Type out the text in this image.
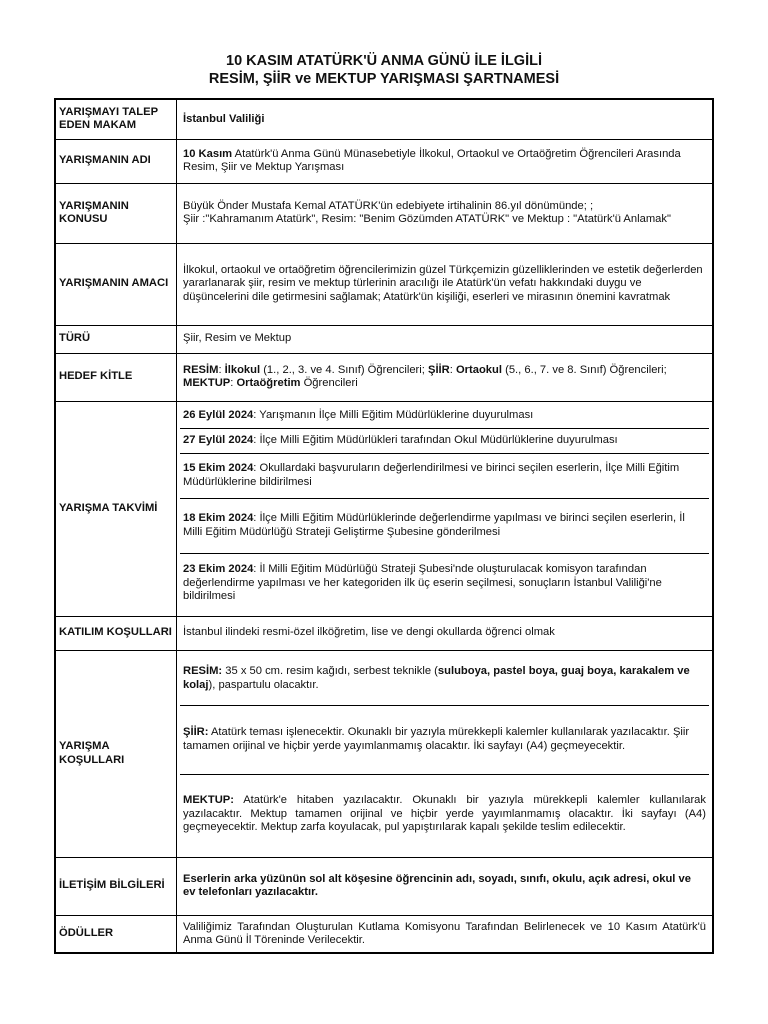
10 KASIM ATATÜRK'Ü ANMA GÜNÜ İLE İLGİLİ
RESİM, ŞİİR ve MEKTUP YARIŞMASI ŞARTNAMESİ
YARIŞMAYI TALEP EDEN MAKAM	İstanbul Valiliği

YARIŞMANIN ADI	10 Kasım Atatürk'ü Anma Günü Münasebetiyle İlkokul, Ortaokul ve Ortaöğretim Öğrencileri Arasında Resim, Şiir ve Mektup Yarışması

YARIŞMANIN KONUSU	Büyük Önder Mustafa Kemal ATATÜRK'ün edebiyete irtihalinin 86.yıl dönümünde; ;
Şiir :"Kahramanım Atatürk", Resim: "Benim Gözümden ATATÜRK" ve Mektup : "Atatürk'ü Anlamak"

YARIŞMANIN AMACI	İlkokul, ortaokul ve ortaöğretim öğrencilerimizin güzel Türkçemizin güzelliklerinden ve estetik değerlerden yararlanarak şiir, resim ve mektup türlerinin aracılığı ile Atatürk'ün vefatı hakkındaki duygu ve düşüncelerini dile getirmesini sağlamak; Atatürk'ün kişiliği, eserleri ve mirasının önemini kavratmak

TÜRÜ	Şiir, Resim ve Mektup

HEDEF KİTLE	RESİM: İlkokul (1., 2., 3. ve 4. Sınıf) Öğrencileri; ŞİİR: Ortaokul (5., 6., 7. ve 8. Sınıf) Öğrencileri; MEKTUP: Ortaöğretim Öğrencileri

YARIŞMA TAKVİMİ	26 Eylül 2024: Yarışmanın İlçe Milli Eğitim Müdürlüklerine duyurulması
27 Eylül 2024: İlçe Milli Eğitim Müdürlükleri tarafından Okul Müdürlüklerine duyurulması
15 Ekim 2024: Okullardaki başvuruların değerlendirilmesi ve birinci seçilen eserlerin, İlçe Milli Eğitim Müdürlüklerine bildirilmesi
18 Ekim 2024: İlçe Milli Eğitim Müdürlüklerinde değerlendirme yapılması ve birinci seçilen eserlerin, İl Milli Eğitim Müdürlüğü Strateji Geliştirme Şubesine gönderilmesi
23 Ekim 2024: İl Milli Eğitim Müdürlüğü Strateji Şubesi'nde oluşturulacak komisyon tarafından değerlendirme yapılması ve her kategoriden ilk üç eserin seçilmesi, sonuçların İstanbul Valiliği'ne bildirilmesi

KATILIM KOŞULLARI	İstanbul ilindeki resmi-özel ilköğretim, lise ve dengi okullarda öğrenci olmak

YARIŞMA KOŞULLARI	RESİM: 35 x 50 cm. resim kağıdı, serbest teknikle (suluboya, pastel boya, guaj boya, karakalem ve kolaj), paspartulu olacaktır.
ŞİİR: Atatürk teması işlenecektir. Okunaklı bir yazıyla mürekkepli kalemler kullanılarak yazılacaktır. Şiir tamamen orijinal ve hiçbir yerde yayımlanmamış olacaktır. İki sayfayı (A4) geçmeyecektir.
MEKTUP: Atatürk'e hitaben yazılacaktır. Okunaklı bir yazıyla mürekkepli kalemler kullanılarak yazılacaktır. Mektup tamamen orijinal ve hiçbir yerde yayımlanmamış olacaktır. İki sayfayı (A4) geçmeyecektir. Mektup zarfa koyulacak, pul yapıştırılarak kapalı şekilde teslim edilecektir.

İLETİŞİM BİLGİLERİ	Eserlerin arka yüzünün sol alt köşesine öğrencinin adı, soyadı, sınıfı, okulu, açık adresi, okul ve ev telefonları yazılacaktır.

ÖDÜLLER	Valiliğimiz Tarafından Oluşturulan Kutlama Komisyonu Tarafından Belirlenecek ve 10 Kasım Atatürk'ü Anma Günü İl Töreninde Verilecektir.
